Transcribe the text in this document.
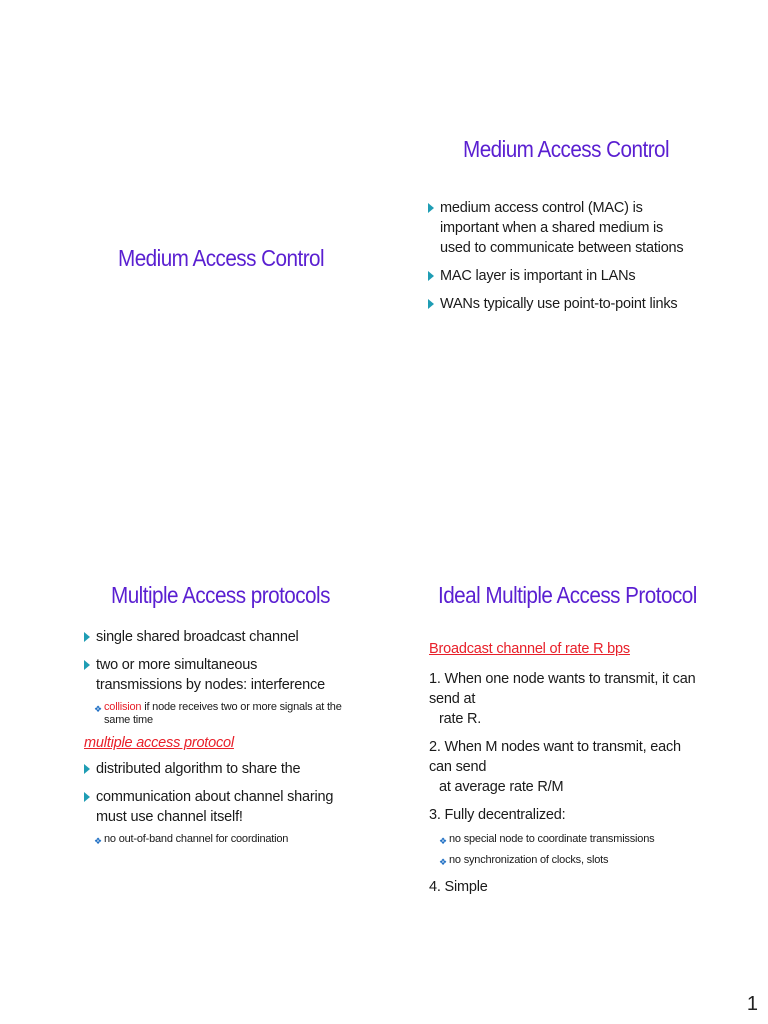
Medium Access Control
Medium Access Control
medium access control (MAC) is important when a shared medium is used to communicate between stations
MAC layer is important in LANs
WANs typically use point-to-point links
Multiple Access protocols
single shared broadcast channel
two or more simultaneous transmissions by nodes: interference
❖ collision if node receives two or more signals at the same time
multiple access protocol
distributed algorithm to share the
communication about channel sharing must use channel itself!
❖ no out-of-band channel for coordination
Ideal Multiple Access Protocol
Broadcast channel of rate R bps
1. When one node wants to transmit, it can send at
rate R.
2. When M nodes want to transmit, each can send
at average rate R/M
3. Fully decentralized:
❖ no special node to coordinate transmissions
❖ no synchronization of clocks, slots
4. Simple
1
